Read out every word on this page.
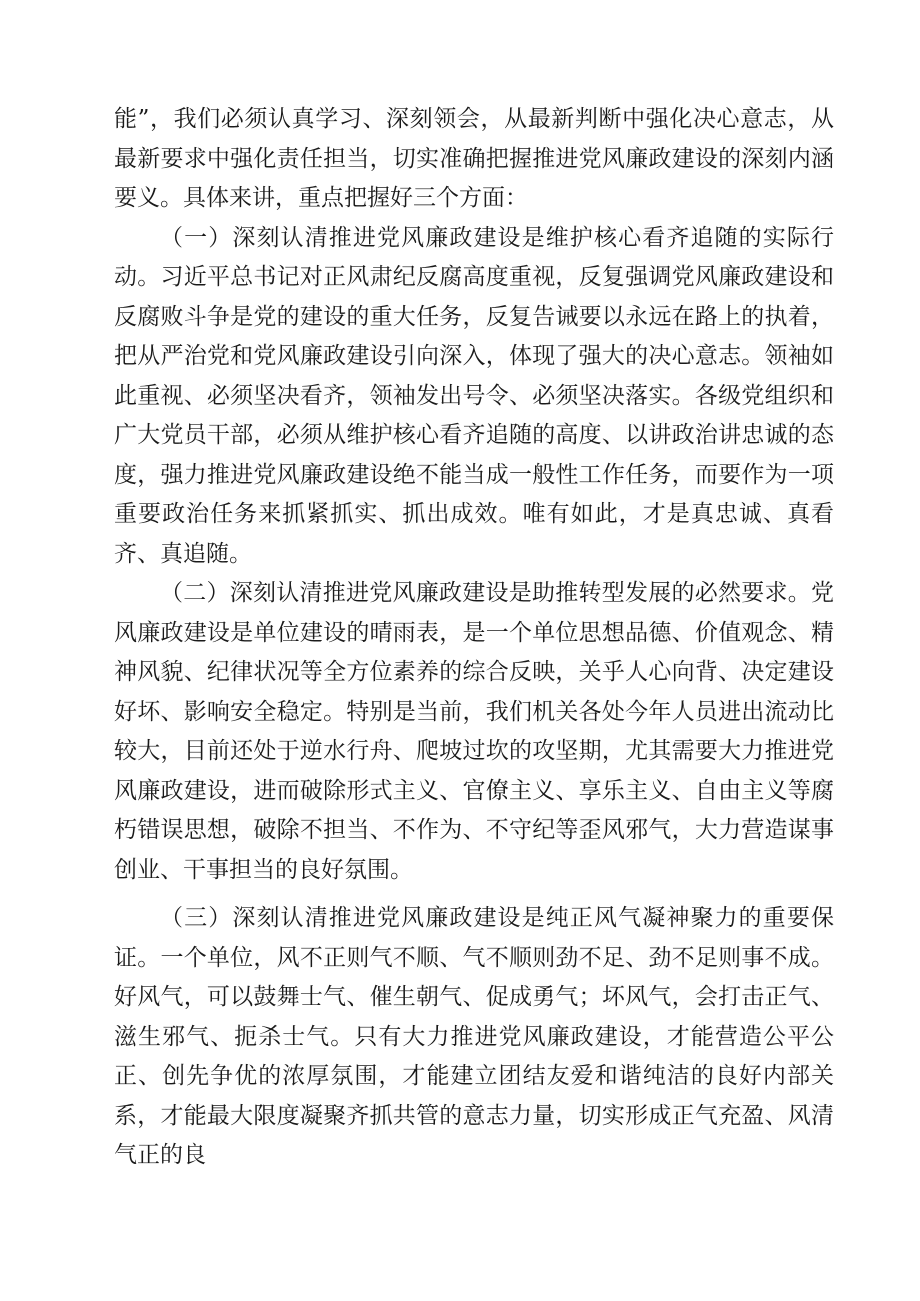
能”，我们必须认真学习、深刻领会，从最新判断中强化决心意志，从最新要求中强化责任担当，切实准确把握推进党风廉政建设的深刻内涵要义。具体来讲，重点把握好三个方面：

（一）深刻认清推进党风廉政建设是维护核心看齐追随的实际行动。习近平总书记对正风肃纪反腐高度重视，反复强调党风廉政建设和反腐败斗争是党的建设的重大任务，反复告诫要以永远在路上的执着，把从严治党和党风廉政建设引向深入，体现了强大的决心意志。领袖如此重视、必须坚决看齐，领袖发出号令、必须坚决落实。各级党组织和广大党员干部，必须从维护核心看齐追随的高度、以讲政治讲忠诚的态度，强力推进党风廉政建设绝不能当成一般性工作任务，而要作为一项重要政治任务来抓紧抓实、抓出成效。唯有如此，才是真忠诚、真看齐、真追随。

（二）深刻认清推进党风廉政建设是助推转型发展的必然要求。党风廉政建设是单位建设的晴雨表，是一个单位思想品德、价值观念、精神风貌、纪律状况等全方位素养的综合反映，关乎人心向背、决定建设好坏、影响安全稳定。特别是当前，我们机关各处今年人员进出流动比较大，目前还处于逆水行舟、爬坡过坎的攻坚期，尤其需要大力推进党风廉政建设，进而破除形式主义、官僚主义、享乐主义、自由主义等腐朽错误思想，破除不担当、不作为、不守纪等歪风邪气，大力营造谋事创业、干事担当的良好氛围。

（三）深刻认清推进党风廉政建设是纯正风气凝神聚力的重要保证。一个单位，风不正则气不顺、气不顺则劲不足、劲不足则事不成。好风气，可以鼓舞士气、催生朝气、促成勇气；坏风气，会打击正气、滋生邪气、扼杀士气。只有大力推进党风廉政建设，才能营造公平公正、创先争优的浓厚氛围，才能建立团结友爱和谐纯洁的良好内部关系，才能最大限度凝聚齐抓共管的意志力量，切实形成正气充盈、风清气正的良
